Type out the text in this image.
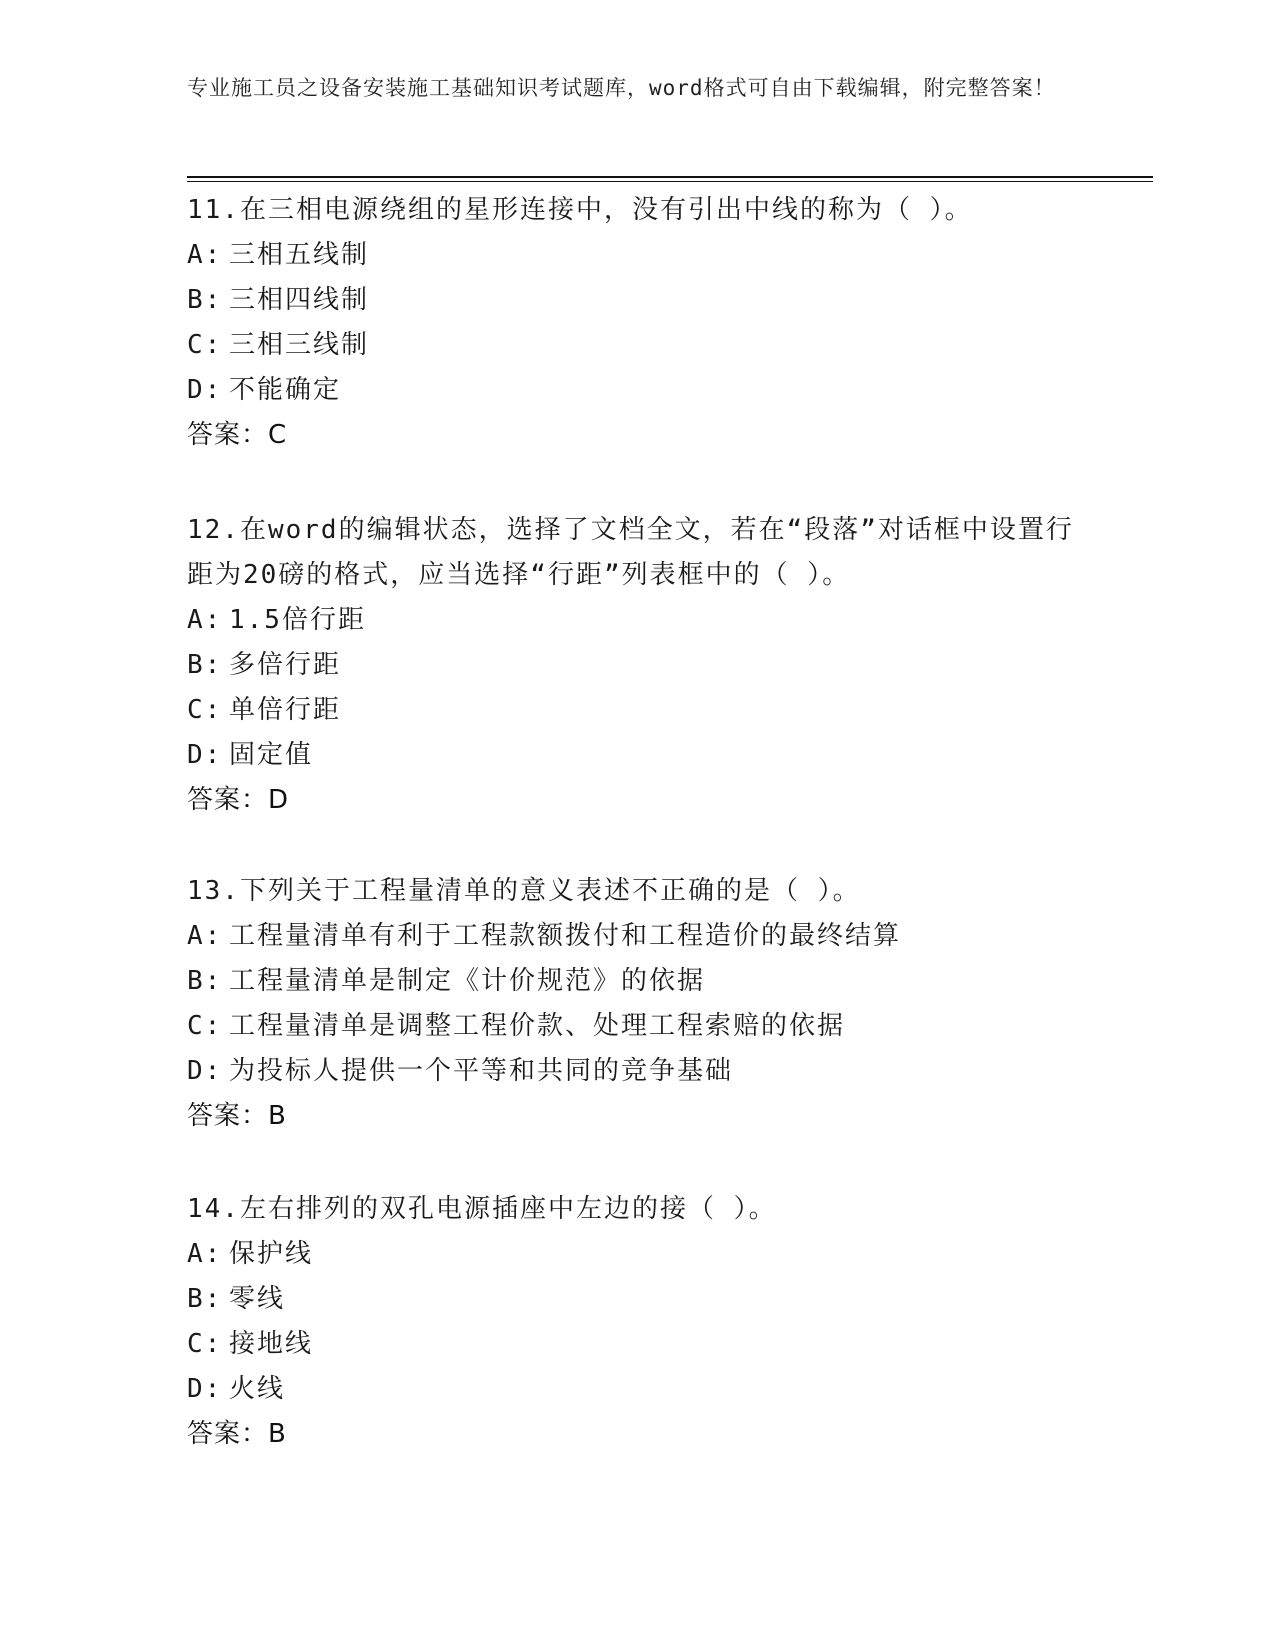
专业施工员之设备安装施工基础知识考试题库，word格式可自由下载编辑，附完整答案！

11.在三相电源绕组的星形连接中，没有引出中线的称为（ ）。

A: 三相五线制

B: 三相四线制

C: 三相三线制

D: 不能确定

答案：C

12.在word的编辑状态，选择了文档全文，若在“段落”对话框中设置行距为20磅的格式，应当选择“行距”列表框中的（ ）。

A: 1.5倍行距

B: 多倍行距

C: 单倍行距

D: 固定值

答案：D

13.下列关于工程量清单的意义表述不正确的是（ ）。

A: 工程量清单有利于工程款额拨付和工程造价的最终结算

B: 工程量清单是制定《计价规范》的依据

C: 工程量清单是调整工程价款、处理工程索赔的依据

D: 为投标人提供一个平等和共同的竞争基础

答案：B

14.左右排列的双孔电源插座中左边的接（ ）。

A: 保护线

B: 零线

C: 接地线

D: 火线

答案：B
